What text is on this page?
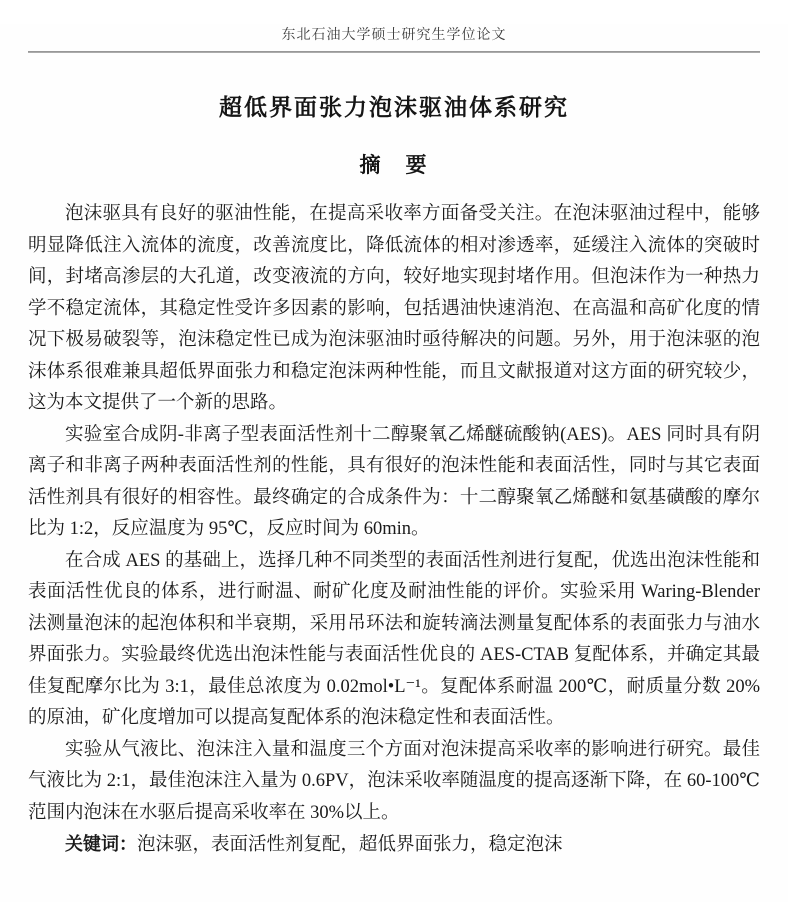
东北石油大学硕士研究生学位论文
超低界面张力泡沫驱油体系研究
摘　要

泡沫驱具有良好的驱油性能，在提高采收率方面备受关注。在泡沫驱油过程中，能够明显降低注入流体的流度，改善流度比，降低流体的相对渗透率，延缓注入流体的突破时间，封堵高渗层的大孔道，改变液流的方向，较好地实现封堵作用。但泡沫作为一种热力学不稳定流体，其稳定性受许多因素的影响，包括遇油快速消泡、在高温和高矿化度的情况下极易破裂等，泡沫稳定性已成为泡沫驱油时亟待解决的问题。另外，用于泡沫驱的泡沫体系很难兼具超低界面张力和稳定泡沫两种性能，而且文献报道对这方面的研究较少，这为本文提供了一个新的思路。

实验室合成阴-非离子型表面活性剂十二醇聚氧乙烯醚硫酸钠(AES)。AES 同时具有阴离子和非离子两种表面活性剂的性能，具有很好的泡沫性能和表面活性，同时与其它表面活性剂具有很好的相容性。最终确定的合成条件为：十二醇聚氧乙烯醚和氨基磺酸的摩尔比为 1:2，反应温度为 95℃，反应时间为 60min。

在合成 AES 的基础上，选择几种不同类型的表面活性剂进行复配，优选出泡沫性能和表面活性优良的体系，进行耐温、耐矿化度及耐油性能的评价。实验采用 Waring-Blender 法测量泡沫的起泡体积和半衰期，采用吊环法和旋转滴法测量复配体系的表面张力与油水界面张力。实验最终优选出泡沫性能与表面活性优良的 AES-CTAB 复配体系，并确定其最佳复配摩尔比为 3:1，最佳总浓度为 0.02mol•L⁻¹。复配体系耐温 200℃，耐质量分数 20%的原油，矿化度增加可以提高复配体系的泡沫稳定性和表面活性。

实验从气液比、泡沫注入量和温度三个方面对泡沫提高采收率的影响进行研究。最佳气液比为 2:1，最佳泡沫注入量为 0.6PV，泡沫采收率随温度的提高逐渐下降，在 60-100℃范围内泡沫在水驱后提高采收率在 30%以上。

关键词：泡沫驱，表面活性剂复配，超低界面张力，稳定泡沫
